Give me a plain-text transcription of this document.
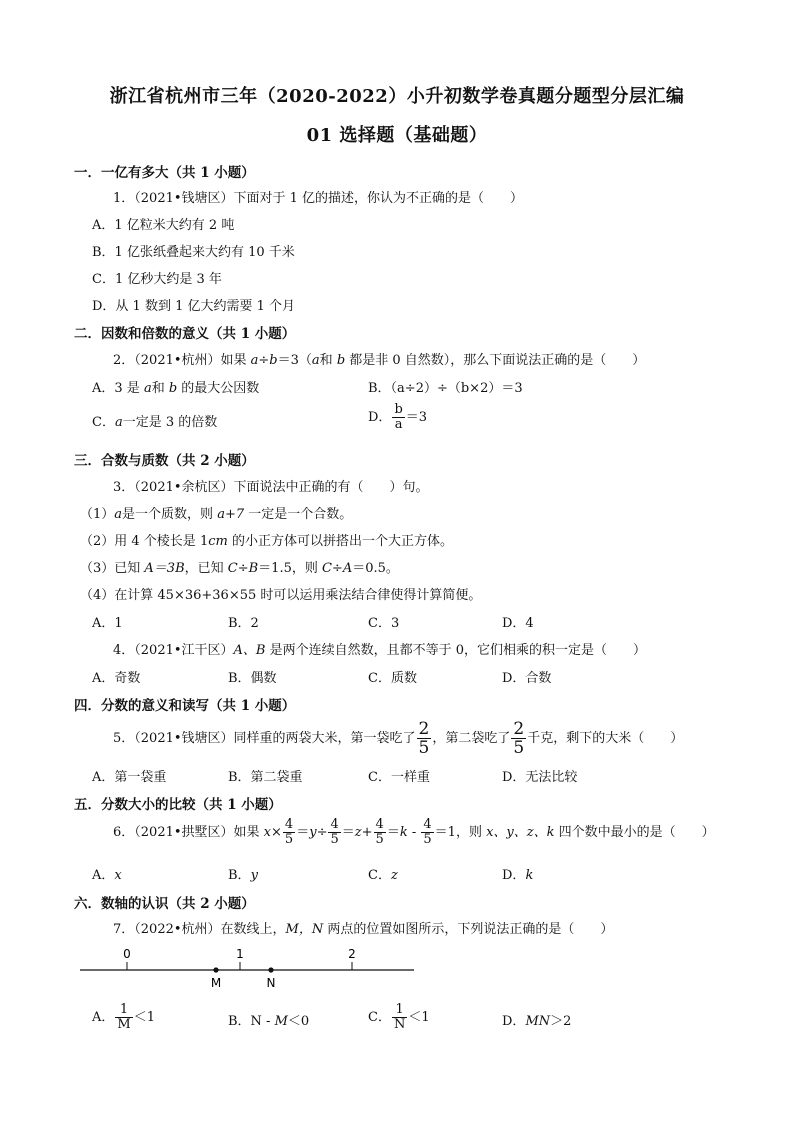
浙江省杭州市三年（2020-2022）小升初数学卷真题分题型分层汇编
01 选择题（基础题）
一．一亿有多大（共 1 小题）
1．（2021•钱塘区）下面对于 1 亿的描述，你认为不正确的是（　　）
A．1 亿粒米大约有 2 吨
B．1 亿张纸叠起来大约有 10 千米
C．1 亿秒大约是 3 年
D．从 1 数到 1 亿大约需要 1 个月
二．因数和倍数的意义（共 1 小题）
2．（2021•杭州）如果 a÷b＝3（a和 b 都是非 0 自然数），那么下面说法正确的是（　　）
A．3 是 a和 b 的最大公因数	B．（a÷2）÷（b×2）＝3
C．a一定是 3 的倍数	D． $\frac{b}{a} =3$
三．合数与质数（共 2 小题）
3．（2021•余杭区）下面说法中正确的有（　　）句。
（1）a是一个质数，则 a+7 一定是一个合数。
（2）用 4 个棱长是 1cm 的小正方体可以拼搭出一个大正方体。
（3）已知 A＝3B，已知 C÷B＝1.5，则 C÷A＝0.5。
（4）在计算 45×36+36×55 时可以运用乘法结合律使得计算简便。
A．1	B．2	C．3	D．4
4．（2021•江干区）A、B 是两个连续自然数，且都不等于 0，它们相乘的积一定是（　　）
A．奇数	B．偶数	C．质数	D．合数
四．分数的意义和读写（共 1 小题）
5．（2021•钱塘区）同样重的两袋大米，第一袋吃了 $\frac{2}{5}$ ，第二袋吃了 $\frac{2}{5}$ 千克，剩下的大米（　　）
A．第一袋重	B．第二袋重	C．一样重	D．无法比较
五．分数大小的比较（共 1 小题）
6．（2021•拱墅区）如果 $x\times \frac{4}{5} =y\div \frac{4}{5} =z+ \frac{4}{5} =k - \frac{4}{5} =1$，则 x、y、z、k 四个数中最小的是（　　）
A．x	B．y	C．z	D．k
六．数轴的认识（共 2 小题）
7．（2022•杭州）在数线上，M，N 两点的位置如图所示，下列说法正确的是（　　）
0	1	2
M	N
A． $\frac{1}{M} <1$	B．N - M＜0	C． $\frac{1}{N} <1$	D．MN＞2
